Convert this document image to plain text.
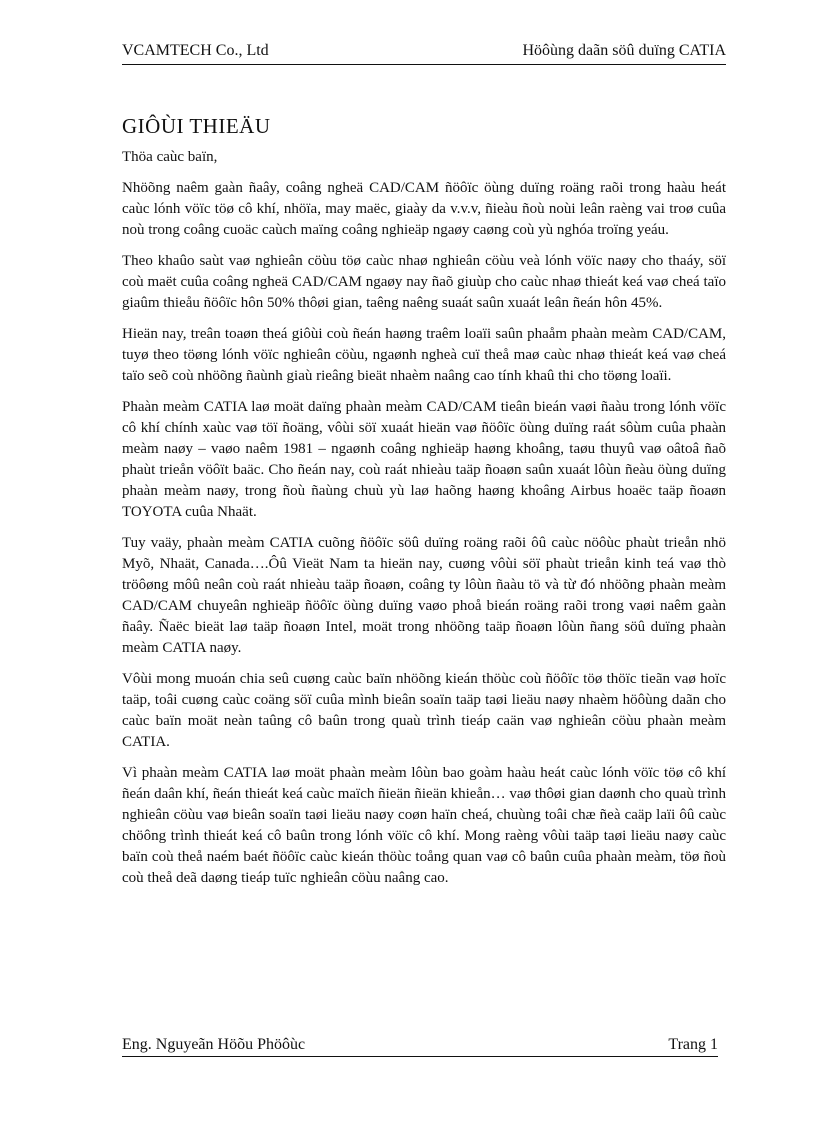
VCAMTECH Co., Ltd	Höôùng daãn söû duïng CATIA
GIÔÙI THIEÄU

Thöa caùc baïn,

Nhöõng naêm gaàn ñaây, coâng ngheä CAD/CAM ñöôïc öùng duïng roäng raõi trong haàu heát caùc lónh vöïc töø cô khí, nhöïa, may maëc, giaày da v.v.v, ñieàu ñoù noùi leân raèng vai troø cuûa noù trong coâng cuoäc caùch maïng coâng nghieäp ngaøy caøng coù yù nghóa troïng yeáu.

Theo khaûo saùt vaø nghieân cöùu töø caùc nhaø nghieân cöùu veà lónh vöïc naøy cho thaáy, söï coù maët cuûa coâng ngheä CAD/CAM ngaøy nay ñaõ giuùp cho caùc nhaø thieát keá vaø cheá taïo giaûm thieåu ñöôïc hôn 50% thôøi gian, taêng naêng suaát saûn xuaát leân ñeán hôn 45%.

Hieän nay, treân toaøn theá giôùi coù ñeán haøng traêm loaïi saûn phaåm phaàn meàm CAD/CAM, tuyø theo töøng lónh vöïc nghieân cöùu, ngaønh ngheà cuï theå maø caùc nhaø thieát keá vaø cheá taïo seõ coù nhöõng ñaùnh giaù rieâng bieät nhaèm naâng cao tính khaû thi cho töøng loaïi.

Phaàn meàm CATIA laø moät daïng phaàn meàm CAD/CAM tieân bieán vaøi ñaàu trong lónh vöïc cô khí chính xaùc vaø töï ñoäng, vôùi söï xuaát hieän vaø ñöôïc öùng duïng raát sôùm cuûa phaàn meàm naøy – vaøo naêm 1981 – ngaønh coâng nghieäp haøng khoâng, taøu thuyû vaø oâtoâ ñaõ phaùt trieån vöôït baäc. Cho ñeán nay, coù raát nhieàu taäp ñoaøn saûn xuaát lôùn ñeàu öùng duïng phaàn meàm naøy, trong ñoù ñaùng chuù yù laø haõng haøng khoâng Airbus hoaëc taäp ñoaøn TOYOTA cuûa Nhaät.

Tuy vaäy, phaàn meàm CATIA cuõng ñöôïc söû duïng roäng raõi ôû caùc nöôùc phaùt trieån nhö Myõ, Nhaät, Canada….Ôû Vieät Nam ta hieän nay, cuøng vôùi söï phaùt trieån kinh teá vaø thò tröôøng môû neân coù raát nhieàu taäp ñoaøn, coâng ty lôùn ñaàu tö và từ đó nhöõng phaàn meàm CAD/CAM chuyeân nghieäp ñöôïc öùng duïng vaøo phoå bieán roäng raõi trong vaøi naêm gaàn ñaây. Ñaëc bieät laø taäp ñoaøn Intel, moät trong nhöõng taäp ñoaøn lôùn ñang söû duïng phaàn meàm CATIA naøy.

Vôùi mong muoán chia seû cuøng caùc baïn nhöõng kieán thöùc coù ñöôïc töø thöïc tieãn vaø hoïc taäp, toâi cuøng caùc coäng söï cuûa mình bieân soaïn taäp taøi lieäu naøy nhaèm höôùng daãn cho caùc baïn moät neàn taûng cô baûn trong quaù trình tieáp caän vaø nghieân cöùu phaàn meàm CATIA.

Vì phaàn meàm CATIA laø moät phaàn meàm lôùn bao goàm haàu heát caùc lónh vöïc töø cô khí ñeán daân khí, ñeán thieát keá caùc maïch ñieän ñieän khieån… vaø thôøi gian daønh cho quaù trình nghieân cöùu vaø bieân soaïn taøi lieäu naøy coøn haïn cheá, chuùng toâi chæ ñeà caäp laïi ôû caùc chöông trình thieát keá cô baûn trong lónh vöïc cô khí. Mong raèng vôùi taäp taøi lieäu naøy caùc baïn coù theå naém baét ñöôïc caùc kieán thöùc toång quan vaø cô baûn cuûa phaàn meàm, töø ñoù coù theå deã daøng tieáp tuïc nghieân cöùu naâng cao.

Eng. Nguyeãn Höõu Phöôùc	Trang 1
